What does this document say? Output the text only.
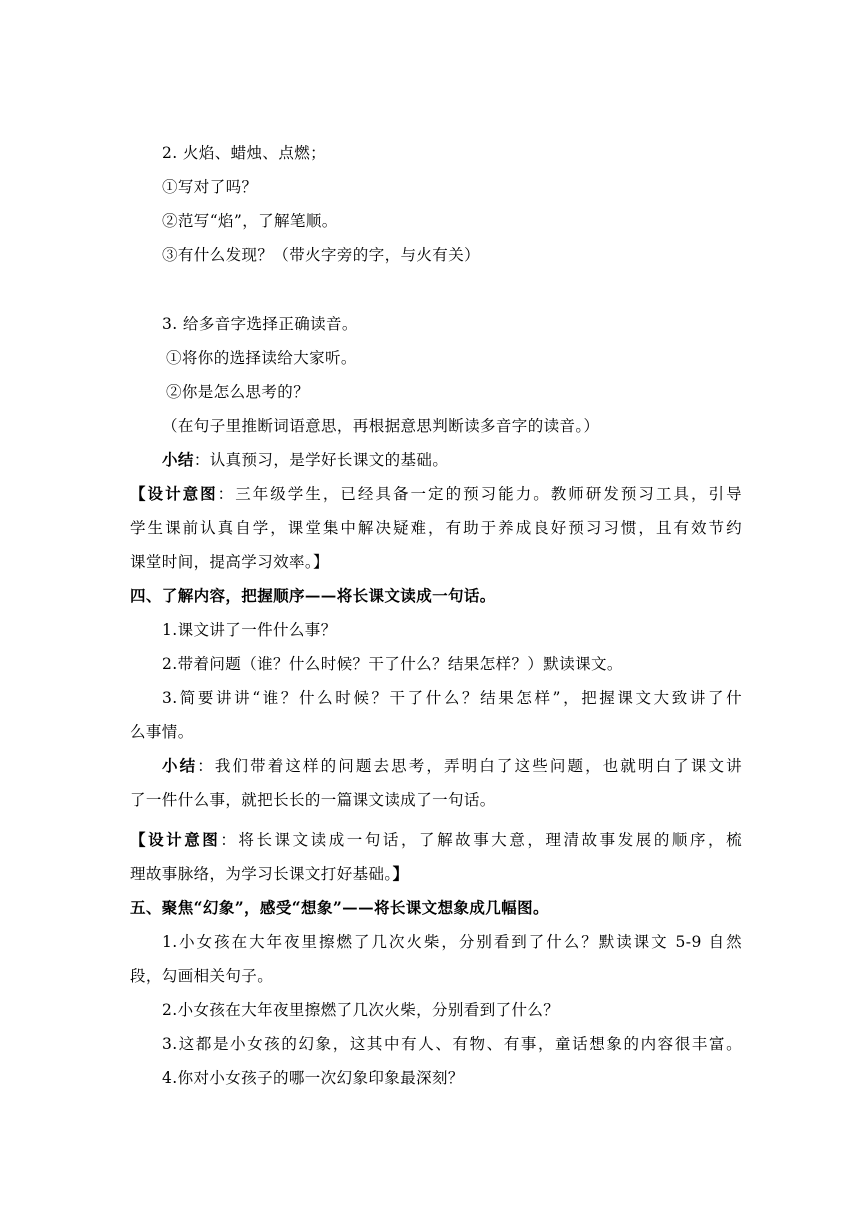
2. 火焰、蜡烛、点燃；
①写对了吗？
②范写“焰”，了解笔顺。
③有什么发现？（带火字旁的字，与火有关）
3. 给多音字选择正确读音。
①将你的选择读给大家听。
②你是怎么思考的？
（在句子里推断词语意思，再根据意思判断读多音字的读音。）
小结：认真预习，是学好长课文的基础。
【设计意图：三年级学生，已经具备一定的预习能力。教师研发预习工具，引导
学生课前认真自学，课堂集中解决疑难，有助于养成良好预习习惯，且有效节约
课堂时间，提高学习效率。】
四、了解内容，把握顺序——将长课文读成一句话。
1.课文讲了一件什么事？
2.带着问题（谁？什么时候？干了什么？结果怎样？）默读课文。
3.简要讲讲“谁？什么时候？干了什么？结果怎样”，把握课文大致讲了什
么事情。
小结：我们带着这样的问题去思考，弄明白了这些问题，也就明白了课文讲
了一件什么事，就把长长的一篇课文读成了一句话。
【设计意图：将长课文读成一句话，了解故事大意，理清故事发展的顺序，梳
理故事脉络，为学习长课文打好基础。】
五、聚焦“幻象”，感受“想象”——将长课文想象成几幅图。
1.小女孩在大年夜里擦燃了几次火柴，分别看到了什么？默读课文 5-9 自然
段，勾画相关句子。
2.小女孩在大年夜里擦燃了几次火柴，分别看到了什么？
3.这都是小女孩的幻象，这其中有人、有物、有事，童话想象的内容很丰富。
4.你对小女孩子的哪一次幻象印象最深刻？
